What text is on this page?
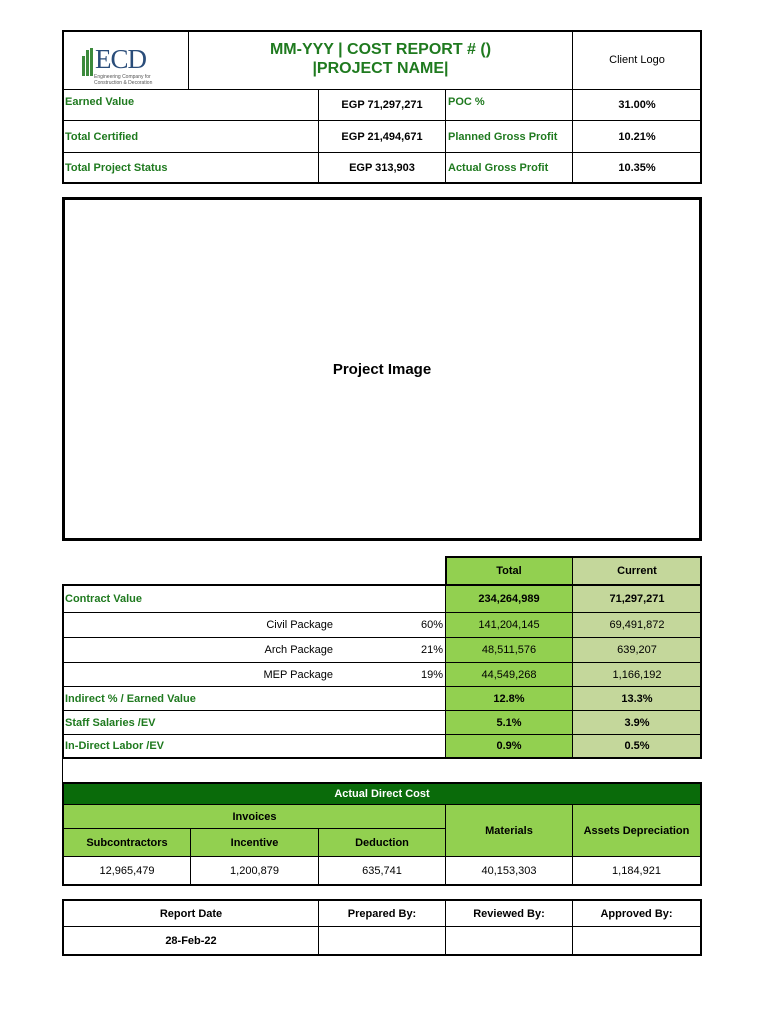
ECD
Engineering Company for Construction & Decoration
MM-YYY | COST REPORT # ()
|PROJECT NAME|	Client Logo
Earned Value	EGP 71,297,271	POC %	31.00%
Total Certified	EGP 21,494,671	Planned Gross Profit	10.21%
Total Project Status	EGP 313,903	Actual Gross Profit	10.35%
Project Image
Total	Current
Contract Value	234,264,989	71,297,271
Civil Package	60%	141,204,145	69,491,872
Arch Package	21%	48,511,576	639,207
MEP Package	19%	44,549,268	1,166,192
Indirect % / Earned Value	12.8%	13.3%
Staff Salaries /EV	5.1%	3.9%
In-Direct Labor /EV	0.9%	0.5%
Actual Direct Cost
Invoices
Subcontractors	Incentive	Deduction
Materials	Assets Depreciation
12,965,479	1,200,879	635,741	40,153,303	1,184,921
Report Date	Prepared By:	Reviewed By:	Approved By:
28-Feb-22
